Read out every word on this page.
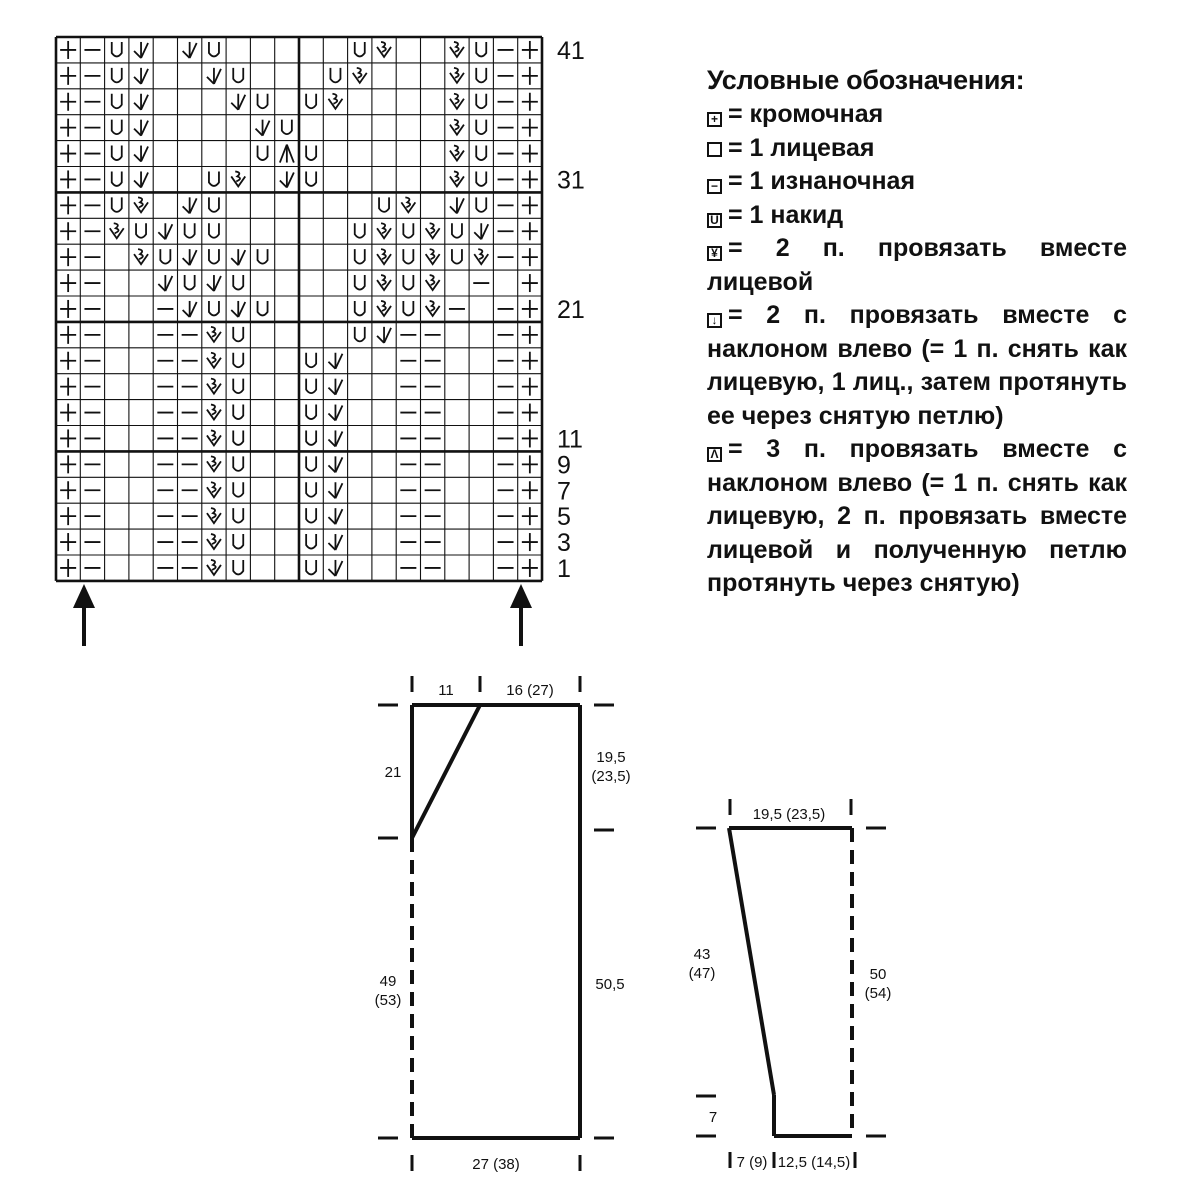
41
31
21
11
9
7
5
3
1
Условные обозначения:
+ = кромочная
= 1 лицевая
− = 1 изнаночная
U = 1 накид
¥ = 2 п. провязать вместе лицевой
↓ = 2 п. провязать вместе с наклоном влево (= 1 п. снять как лицевую, 1 лиц., затем протянуть ее через снятую петлю)
Λ = 3 п. провязать вместе с наклоном влево (= 1 п. снять как лицевую, 2 п. провязать вместе лицевой и полученную петлю протянуть через снятую)
11	16 (27)
21
19,5
(23,5)
49
(53)
50,5
27 (38)
19,5 (23,5)
43
(47)	50
(54)
7
7 (9) 12,5 (14,5)
